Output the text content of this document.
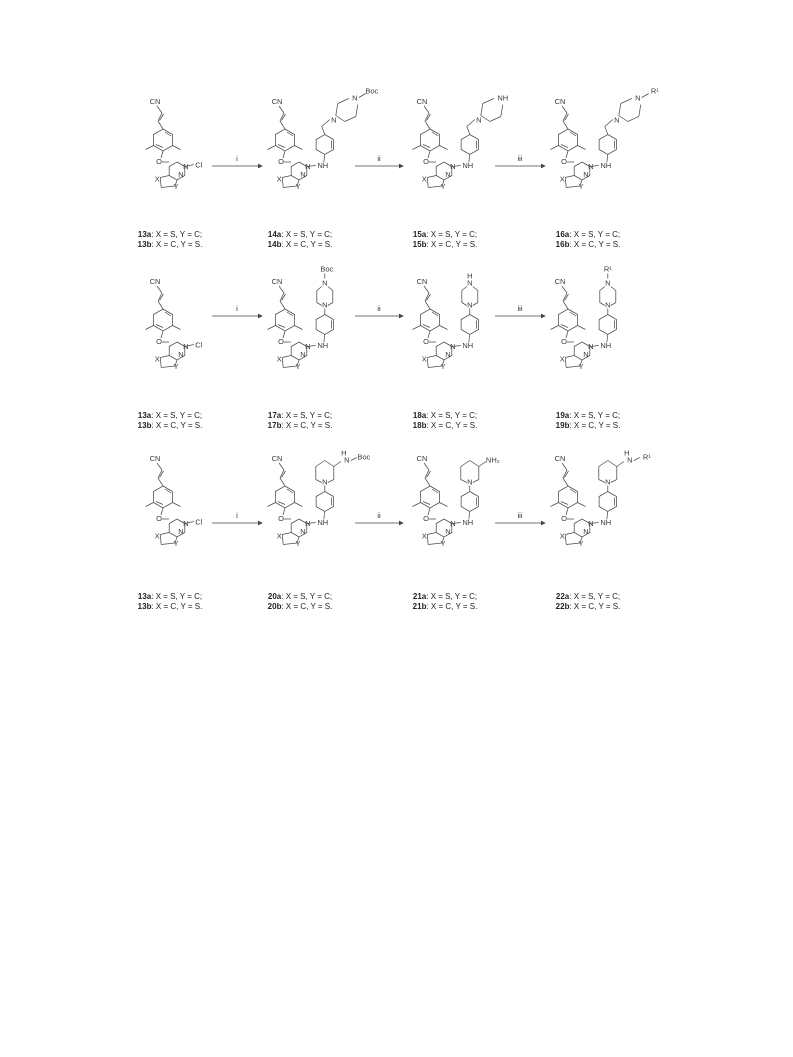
CN
O
N
N
X
Y
Cl
13a: X = S, Y = C;
13b: X = C, Y = S.
CN
O
N
N
X
Y
NH
N
N
Boc
14a: X = S, Y = C;
14b: X = C, Y = S.
CN
O
N
N
X
Y
NH
N
NH
15a: X = S, Y = C;
15b: X = C, Y = S.
CN
O
N
N
X
Y
NH
N
N
R¹
16a: X = S, Y = C;
16b: X = C, Y = S.
i	ii	iii
CN
O
N
N
X
Y
Cl
13a: X = S, Y = C;
13b: X = C, Y = S.
CN
O
N
N
X
Y
NH
N
N
Boc
17a: X = S, Y = C;
17b: X = C, Y = S.
CN
O
N
N
X
Y
NH
N
N
H
18a: X = S, Y = C;
18b: X = C, Y = S.
CN
O
N
N
X
Y
NH
N
N
R¹
19a: X = S, Y = C;
19b: X = C, Y = S.
i	ii	iii
CN
O
N
N
X
Y
Cl
13a: X = S, Y = C;
13b: X = C, Y = S.
CN
O
N
N
X
Y
NH
N
N
H Boc
20a: X = S, Y = C;
20b: X = C, Y = S.
CN
O
N
N
X
Y
NH
N
NH₂
21a: X = S, Y = C;
21b: X = C, Y = S.
CN
O
N
N
X
Y
NH
N
N
H R¹
22a: X = S, Y = C;
22b: X = C, Y = S.
i	ii	iii
